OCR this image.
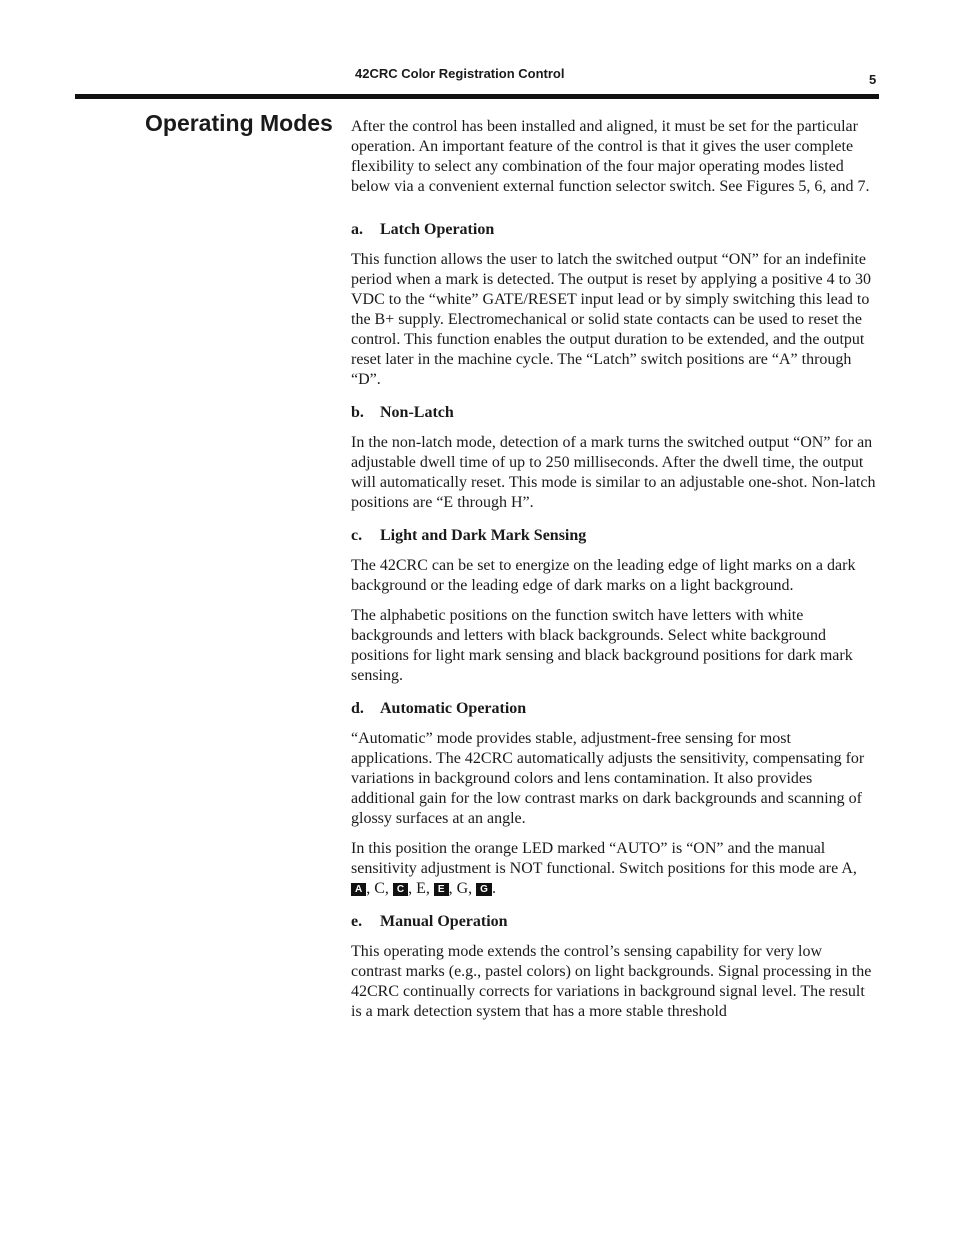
42CRC Color Registration Control	5
Operating Modes After the control has been installed and aligned, it must be set for the particular operation. An important feature of the control is that it gives the user complete flexibility to select any combination of the four major operating modes listed below via a convenient external function selector switch. See Figures 5, 6, and 7.

a. Latch Operation

This function allows the user to latch the switched output “ON” for an indefinite period when a mark is detected. The output is reset by applying a positive 4 to 30 VDC to the “white” GATE/RESET input lead or by simply switching this lead to the B+ supply. Electromechanical or solid state contacts can be used to reset the control. This function enables the output duration to be extended, and the output reset later in the machine cycle. The “Latch” switch positions are “A” through “D”.

b. Non-Latch

In the non-latch mode, detection of a mark turns the switched output “ON” for an adjustable dwell time of up to 250 milliseconds. After the dwell time, the output will automatically reset. This mode is similar to an adjustable one-shot. Non-latch positions are “E through H”.

c. Light and Dark Mark Sensing

The 42CRC can be set to energize on the leading edge of light marks on a dark background or the leading edge of dark marks on a light background.

The alphabetic positions on the function switch have letters with white backgrounds and letters with black backgrounds. Select white background positions for light mark sensing and black background positions for dark mark sensing.

d. Automatic Operation

“Automatic” mode provides stable, adjustment-free sensing for most applications. The 42CRC automatically adjusts the sensitivity, compensating for variations in background colors and lens contamination. It also provides additional gain for the low contrast marks on dark backgrounds and scanning of glossy surfaces at an angle.

In this position the orange LED marked “AUTO” is “ON” and the manual sensitivity adjustment is NOT functional. Switch positions for this mode are A, A , C, C , E, E , G, G .

e. Manual Operation

This operating mode extends the control’s sensing capability for very low contrast marks (e.g., pastel colors) on light backgrounds. Signal processing in the 42CRC continually corrects for variations in background signal level. The result is a mark detection system that has a more stable threshold
